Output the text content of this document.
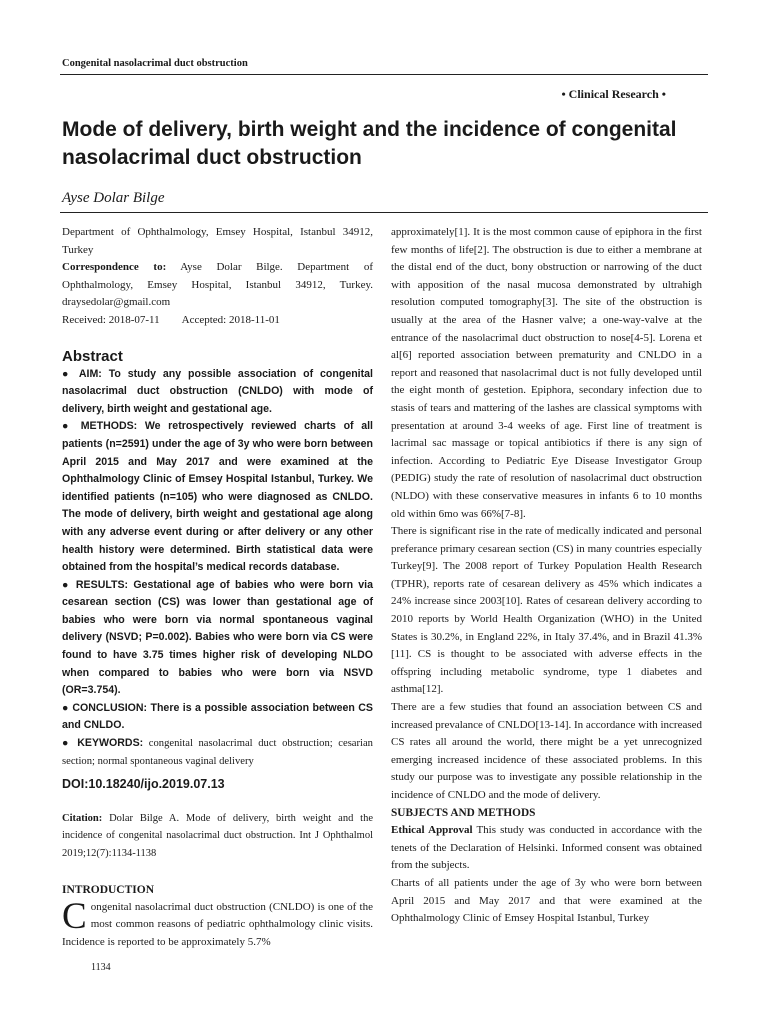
Congenital nasolacrimal duct obstruction
• Clinical Research •
Mode of delivery, birth weight and the incidence of congenital nasolacrimal duct obstruction
Ayse Dolar Bilge

Department of Ophthalmology, Emsey Hospital, Istanbul 34912, Turkey

Correspondence to: Ayse Dolar Bilge. Department of Ophthalmology, Emsey Hospital, Istanbul 34912, Turkey. draysedolar@gmail.com

Received: 2018-07-11 Accepted: 2018-11-01

Abstract

● AIM: To study any possible association of congenital nasolacrimal duct obstruction (CNLDO) with mode of delivery, birth weight and gestational age.

● METHODS: We retrospectively reviewed charts of all patients (n=2591) under the age of 3y who were born between April 2015 and May 2017 and were examined at the Ophthalmology Clinic of Emsey Hospital Istanbul, Turkey. We identified patients (n=105) who were diagnosed as CNLDO. The mode of delivery, birth weight and gestational age along with any adverse event during or after delivery or any other health history were determined. Birth statistical data were obtained from the hospital’s medical records database.

● RESULTS: Gestational age of babies who were born via cesarean section (CS) was lower than gestational age of babies who were born via normal spontaneous vaginal delivery (NSVD; P=0.002). Babies who were born via CS were found to have 3.75 times higher risk of developing NLDO when compared to babies who were born via NSVD (OR=3.754).

● CONCLUSION: There is a possible association between CS and CNLDO.

● KEYWORDS: congenital nasolacrimal duct obstruction; cesarian section; normal spontaneous vaginal delivery

DOI:10.18240/ijo.2019.07.13

Citation: Dolar Bilge A. Mode of delivery, birth weight and the incidence of congenital nasolacrimal duct obstruction. Int J Ophthalmol 2019;12(7):1134-1138

INTRODUCTION

Congenital nasolacrimal duct obstruction (CNLDO) is one of the most common reasons of pediatric ophthalmology clinic visits. Incidence is reported to be approximately 5.7%

1134

approximately[1]. It is the most common cause of epiphora in the first few months of life[2]. The obstruction is due to either a membrane at the distal end of the duct, bony obstruction or narrowing of the duct with apposition of the nasal mucosa demonstrated by ultrahigh resolution computed tomography[3]. The site of the obstruction is usually at the area of the Hasner valve; a one-way-valve at the entrance of the nasolacrimal duct obstruction to nose[4-5]. Lorena et al[6] reported association between prematurity and CNLDO in a report and reasoned that nasolacrimal duct is not fully developed until the eight month of gestetion. Epiphora, secondary infection due to stasis of tears and mattering of the lashes are classical symptoms with presentation at around 3-4 weeks of age. First line of treatment is lacrimal sac massage or topical antibiotics if there is any sign of infection. According to Pediatric Eye Disease Investigator Group (PEDIG) study the rate of resolution of nasolacrimal duct obstruction (NLDO) with these conservative measures in infants 6 to 10 months old within 6mo was 66%[7-8].

There is significant rise in the rate of medically indicated and personal preferance primary cesarean section (CS) in many countries especially Turkey[9]. The 2008 report of Turkey Population Health Research (TPHR), reports rate of cesarean delivery as 45% which indicates a 24% increase since 2003[10]. Rates of cesarean delivery according to 2010 reports by World Health Organization (WHO) in the United States is 30.2%, in England 22%, in Italy 37.4%, and in Brazil 41.3%[11]. CS is thought to be associated with adverse effects in the offspring including metabolic syndrome, type 1 diabetes and asthma[12].

There are a few studies that found an association between CS and increased prevalance of CNLDO[13-14]. In accordance with increased CS rates all around the world, there might be a yet unrecognized emerging increased incidence of these associated problems. In this study our purpose was to investigate any possible relationship in the incidence of CNLDO and the mode of delivery.

SUBJECTS AND METHODS

Ethical Approval This study was conducted in accordance with the tenets of the Declaration of Helsinki. Informed consent was obtained from the subjects.

Charts of all patients under the age of 3y who were born between April 2015 and May 2017 and that were examined at the Ophthalmology Clinic of Emsey Hospital Istanbul, Turkey
